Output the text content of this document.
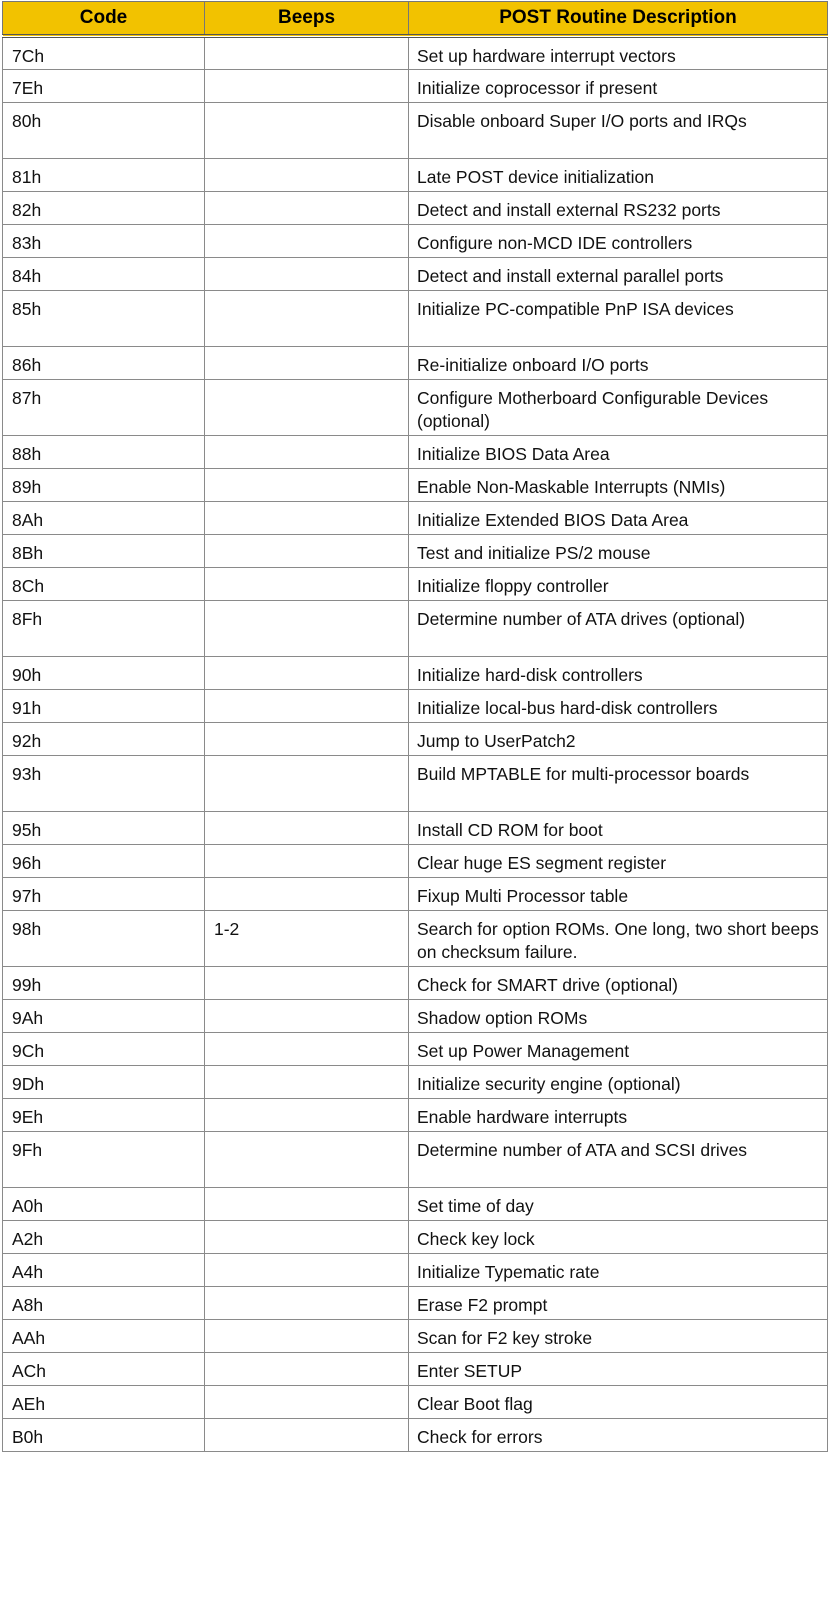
Code	Beeps	POST Routine Description
7Ch		Set up hardware interrupt vectors
7Eh		Initialize coprocessor if present
80h		Disable onboard Super I/O ports and IRQs
81h		Late POST device initialization
82h		Detect and install external RS232 ports
83h		Configure non-MCD IDE controllers
84h		Detect and install external parallel ports
85h		Initialize PC-compatible PnP ISA devices
86h		Re-initialize onboard I/O ports
87h		Configure Motherboard Configurable Devices (optional)
88h		Initialize BIOS Data Area
89h		Enable Non-Maskable Interrupts (NMIs)
8Ah		Initialize Extended BIOS Data Area
8Bh		Test and initialize PS/2 mouse
8Ch		Initialize floppy controller
8Fh		Determine number of ATA drives (optional)
90h		Initialize hard-disk controllers
91h		Initialize local-bus hard-disk controllers
92h		Jump to UserPatch2
93h		Build MPTABLE for multi-processor boards
95h		Install CD ROM for boot
96h		Clear huge ES segment register
97h		Fixup Multi Processor table
98h	1-2	Search for option ROMs. One long, two short beeps on checksum failure.
99h		Check for SMART drive (optional)
9Ah		Shadow option ROMs
9Ch		Set up Power Management
9Dh		Initialize security engine (optional)
9Eh		Enable hardware interrupts
9Fh		Determine number of ATA and SCSI drives
A0h		Set time of day
A2h		Check key lock
A4h		Initialize Typematic rate
A8h		Erase F2 prompt
AAh		Scan for F2 key stroke
ACh		Enter SETUP
AEh		Clear Boot flag
B0h		Check for errors
